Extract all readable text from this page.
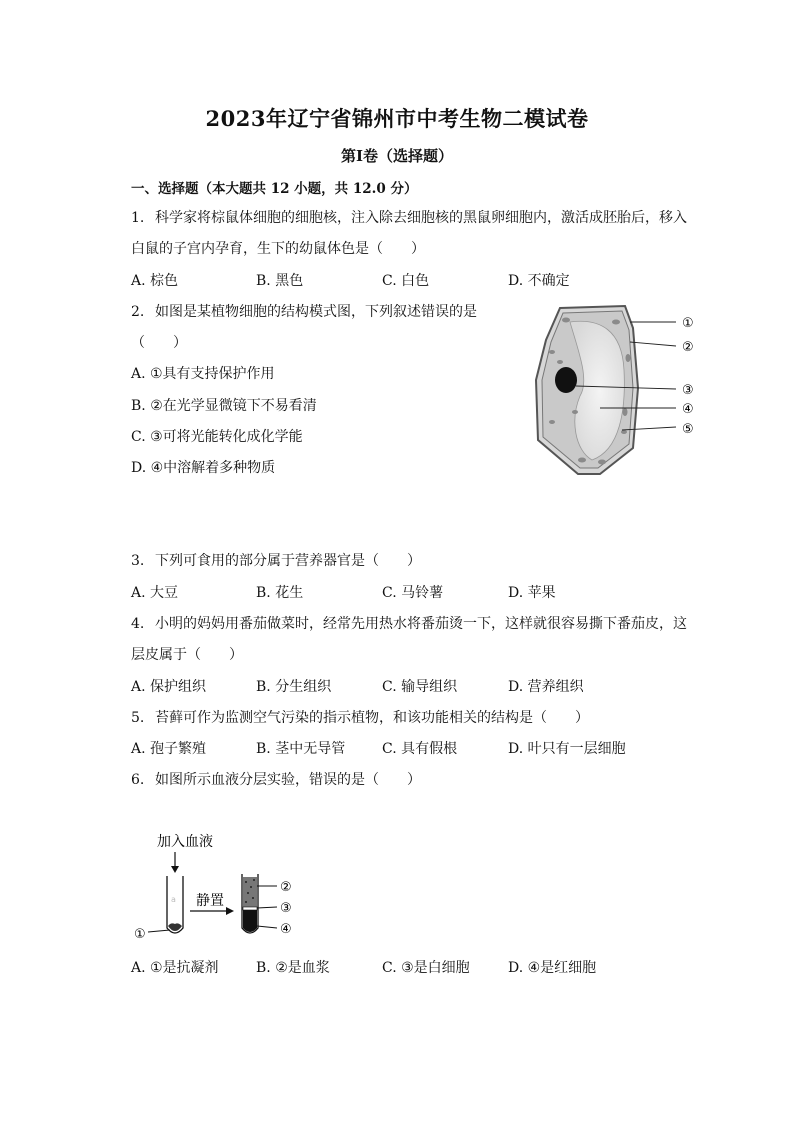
2023年辽宁省锦州市中考生物二模试卷
第I卷（选择题）
一、选择题（本大题共 12 小题，共 12.0 分）
1. 科学家将棕鼠体细胞的细胞核，注入除去细胞核的黑鼠卵细胞内，激活成胚胎后，移入
白鼠的子宫内孕育，生下的幼鼠体色是（　　）
A. 棕色	B. 黑色	C. 白色	D. 不确定
2. 如图是某植物细胞的结构模式图，下列叙述错误的是
（　　）
A. ①具有支持保护作用
B. ②在光学显微镜下不易看清
C. ③可将光能转化成化学能
D. ④中溶解着多种物质
①
②
③
④
⑤
3. 下列可食用的部分属于营养器官是（　　）
A. 大豆	B. 花生	C. 马铃薯	D. 苹果
4. 小明的妈妈用番茄做菜时，经常先用热水将番茄烫一下，这样就很容易撕下番茄皮，这
层皮属于（　　）
A. 保护组织	B. 分生组织	C. 输导组织	D. 营养组织
5. 苔藓可作为监测空气污染的指示植物，和该功能相关的结构是（　　）
A. 孢子繁殖	B. 茎中无导管	C. 具有假根	D. 叶只有一层细胞
6. 如图所示血液分层实验，错误的是（　　）
加入血液
a
①
静置
②
③
④
A. ①是抗凝剂	B. ②是血浆	C. ③是白细胞	D. ④是红细胞
